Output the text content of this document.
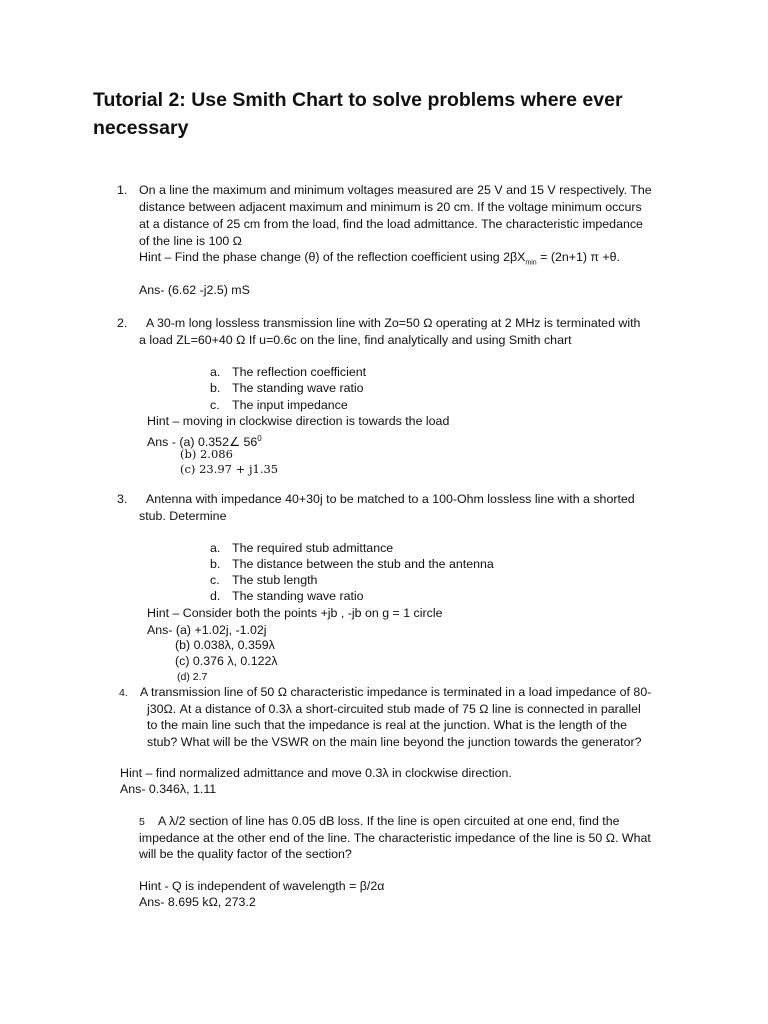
Tutorial 2: Use Smith Chart to solve problems where ever necessary
1. On a line the maximum and minimum voltages measured are 25 V and 15 V respectively. The
distance between adjacent maximum and minimum is 20 cm. If the voltage minimum occurs
at a distance of 25 cm from the load, find the load admittance. The characteristic impedance
of the line is 100 Ω
Hint – Find the phase change (θ) of the reflection coefficient using $2\beta X_{min} = (2n+1)$ π +θ.
Ans- (6.62 -j2.5) mS
2. A 30-m long lossless transmission line with Zo=50 Ω operating at 2 MHz is terminated with
a load ZL=60+40 Ω If u=0.6c on the line, find analytically and using Smith chart
a. The reflection coefficient
b. The standing wave ratio
c. The input impedance
Hint – moving in clockwise direction is towards the load
Ans - (a) 0.352∠ $56^0$
(b) 2.086
(c) 23.97 + j1.35
3. Antenna with impedance 40+30j to be matched to a 100-Ohm lossless line with a shorted
stub. Determine
a. The required stub admittance
b. The distance between the stub and the antenna
c. The stub length
d. The standing wave ratio
Hint – Consider both the points +jb , -jb on g = 1 circle
Ans- (a) +1.02j, -1.02j
(b) 0.038λ, 0.359λ
(c) 0.376 λ, 0.122λ
(d) 2.7
4. A transmission line of 50 Ω characteristic impedance is terminated in a load impedance of 80-
j30Ω. At a distance of 0.3λ a short-circuited stub made of 75 Ω line is connected in parallel
to the main line such that the impedance is real at the junction. What is the length of the
stub? What will be the VSWR on the main line beyond the junction towards the generator?
Hint – find normalized admittance and move 0.3λ in clockwise direction.
Ans- 0.346λ, 1.11
5 A λ/2 section of line has 0.05 dB loss. If the line is open circuited at one end, find the
impedance at the other end of the line. The characteristic impedance of the line is 50 Ω. What
will be the quality factor of the section?
Hint - Q is independent of wavelength = β/2α
Ans- 8.695 kΩ, 273.2
